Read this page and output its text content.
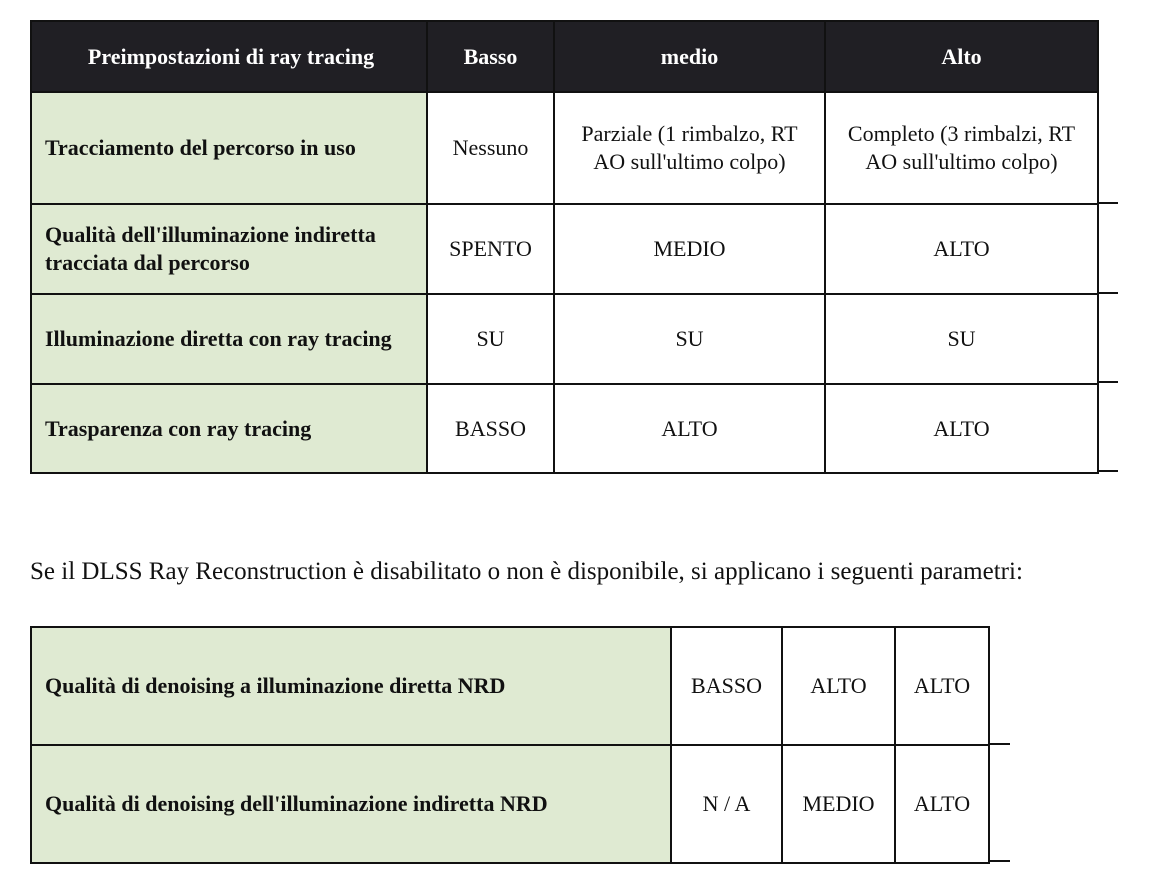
Preimpostazioni di ray tracing	Basso	medio	Alto
Tracciamento del percorso in uso	Nessuno	Parziale (1 rimbalzo, RT AO sull'ultimo colpo)	Completo (3 rimbalzi, RT AO sull'ultimo colpo)
Qualità dell'illuminazione indiretta tracciata dal percorso	SPENTO	MEDIO	ALTO
Illuminazione diretta con ray tracing	SU	SU	SU
Trasparenza con ray tracing	BASSO	ALTO	ALTO

Se il DLSS Ray Reconstruction è disabilitato o non è disponibile, si applicano i seguenti parametri:

Qualità di denoising a illuminazione diretta NRD	BASSO	ALTO	ALTO
Qualità di denoising dell'illuminazione indiretta NRD	N / A	MEDIO	ALTO
